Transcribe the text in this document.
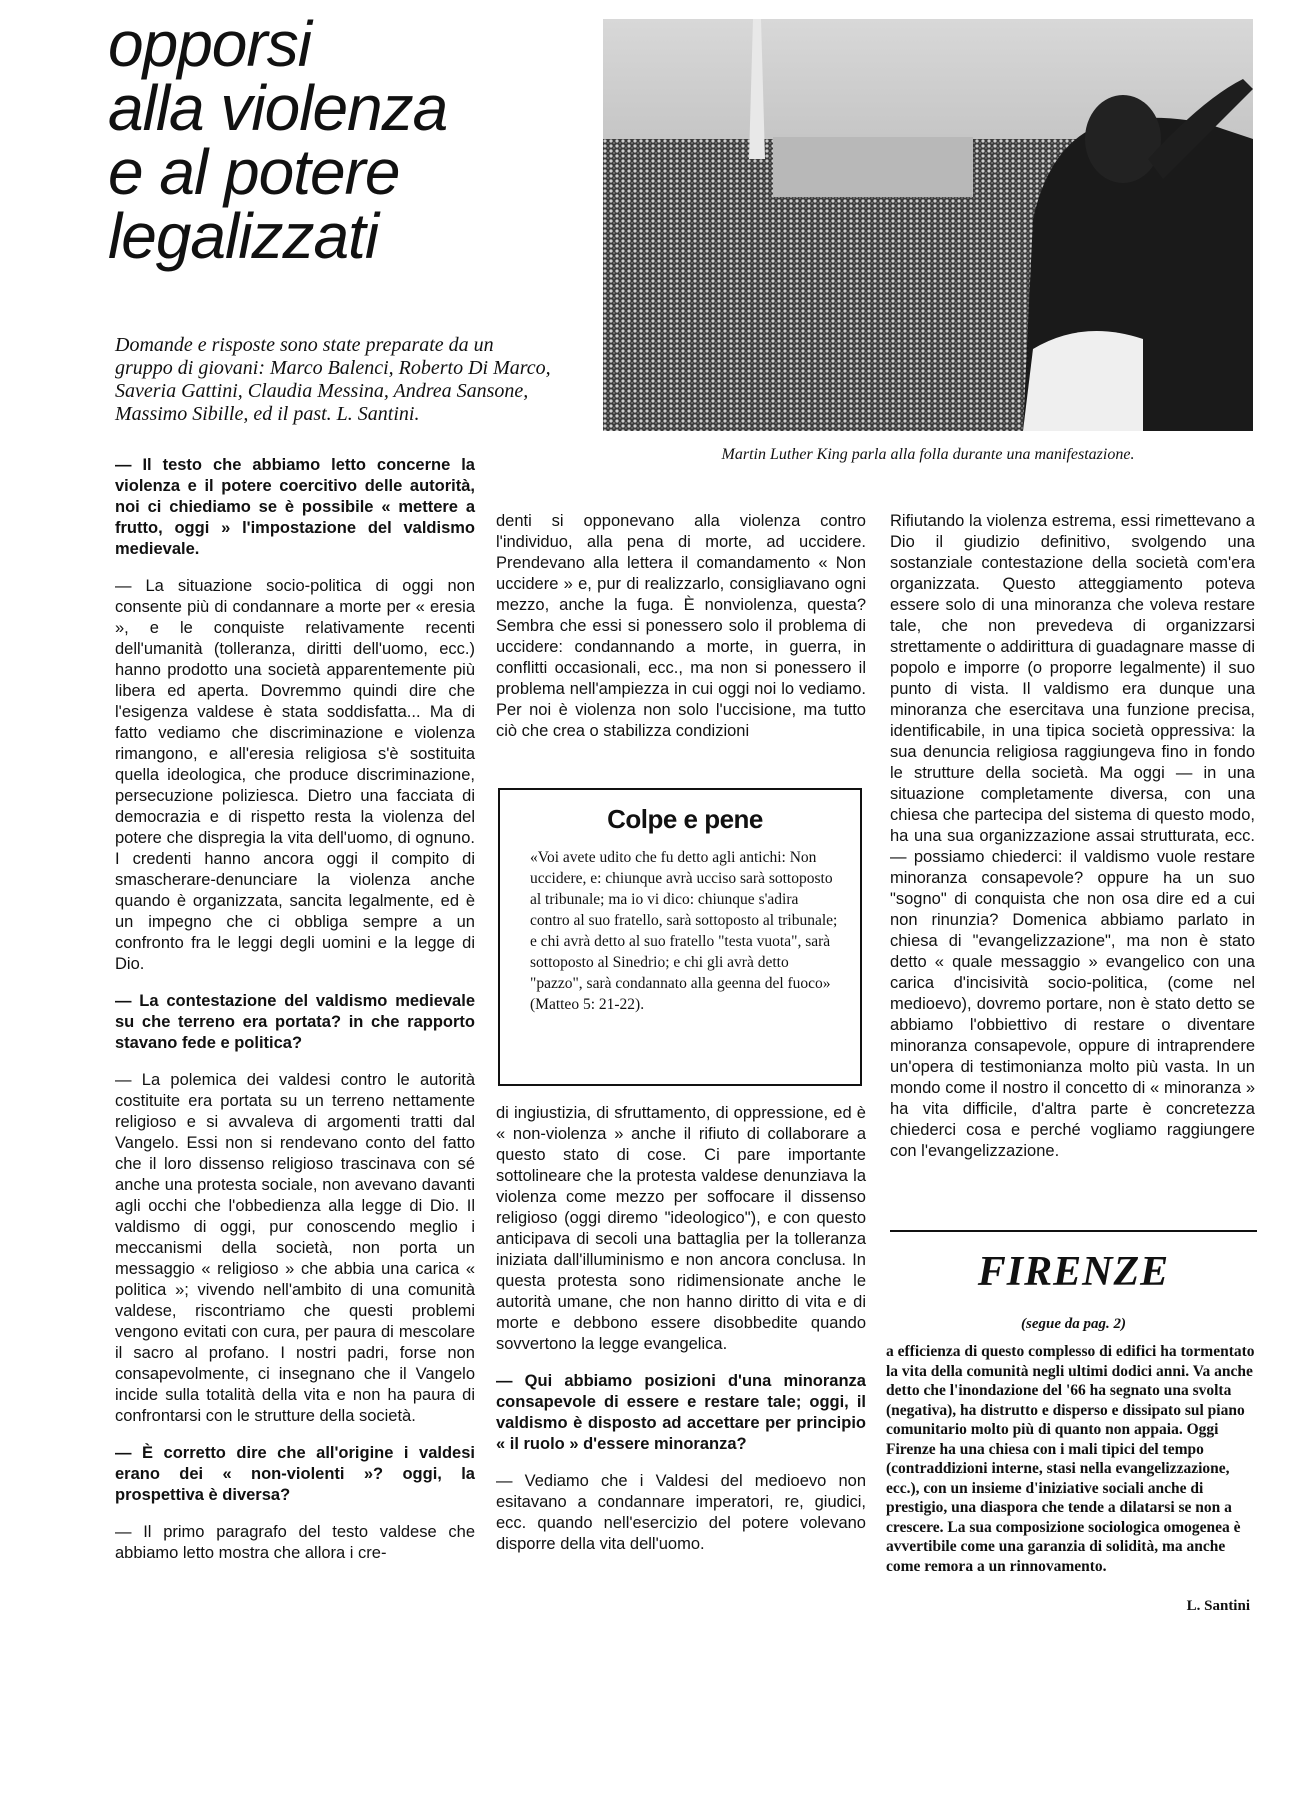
opporsi
alla violenza
e al potere
legalizzati

Domande e risposte sono state preparate da un gruppo di giovani: Marco Balenci, Roberto Di Marco, Saveria Gattini, Claudia Messina, Andrea Sansone, Massimo Sibille, ed il past. L. Santini.

Martin Luther King parla alla folla durante una manifestazione.

— Il testo che abbiamo letto concerne la violenza e il potere coercitivo delle autorità, noi ci chiediamo se è possibile « mettere a frutto, oggi » l'impostazione del valdismo medievale.

— La situazione socio-politica di oggi non consente più di condannare a morte per « eresia », e le conquiste relativamente recenti dell'umanità (tolleranza, diritti dell'uomo, ecc.) hanno prodotto una società apparentemente più libera ed aperta. Dovremmo quindi dire che l'esigenza valdese è stata soddisfatta... Ma di fatto vediamo che discriminazione e violenza rimangono, e all'eresia religiosa s'è sostituita quella ideologica, che produce discriminazione, persecuzione poliziesca. Dietro una facciata di democrazia e di rispetto resta la violenza del potere che dispregia la vita dell'uomo, di ognuno. I credenti hanno ancora oggi il compito di smascherare-denunciare la violenza anche quando è organizzata, sancita legalmente, ed è un impegno che ci obbliga sempre a un confronto fra le leggi degli uomini e la legge di Dio.

— La contestazione del valdismo medievale su che terreno era portata? in che rapporto stavano fede e politica?

— La polemica dei valdesi contro le autorità costituite era portata su un terreno nettamente religioso e si avvaleva di argomenti tratti dal Vangelo. Essi non si rendevano conto del fatto che il loro dissenso religioso trascinava con sé anche una protesta sociale, non avevano davanti agli occhi che l'obbedienza alla legge di Dio. Il valdismo di oggi, pur conoscendo meglio i meccanismi della società, non porta un messaggio « religioso » che abbia una carica « politica »; vivendo nell'ambito di una comunità valdese, riscontriamo che questi problemi vengono evitati con cura, per paura di mescolare il sacro al profano. I nostri padri, forse non consapevolmente, ci insegnano che il Vangelo incide sulla totalità della vita e non ha paura di confrontarsi con le strutture della società.

— È corretto dire che all'origine i valdesi erano dei « non-violenti »? oggi, la prospettiva è diversa?

— Il primo paragrafo del testo valdese che abbiamo letto mostra che allora i cre-

denti si opponevano alla violenza contro l'individuo, alla pena di morte, ad uccidere. Prendevano alla lettera il comandamento « Non uccidere » e, pur di realizzarlo, consigliavano ogni mezzo, anche la fuga. È nonviolenza, questa? Sembra che essi si ponessero solo il problema di uccidere: condannando a morte, in guerra, in conflitti occasionali, ecc., ma non si ponessero il problema nell'ampiezza in cui oggi noi lo vediamo. Per noi è violenza non solo l'uccisione, ma tutto ciò che crea o stabilizza condizioni

Colpe e pene

«Voi avete udito che fu detto agli antichi: Non uccidere, e: chiunque avrà ucciso sarà sottoposto al tribunale; ma io vi dico: chiunque s'adira contro al suo fratello, sarà sottoposto al tribunale; e chi avrà detto al suo fratello "testa vuota", sarà sottoposto al Sinedrio; e chi gli avrà detto "pazzo", sarà condannato alla geenna del fuoco» (Matteo 5: 21-22).

di ingiustizia, di sfruttamento, di oppressione, ed è « non-violenza » anche il rifiuto di collaborare a questo stato di cose. Ci pare importante sottolineare che la protesta valdese denunziava la violenza come mezzo per soffocare il dissenso religioso (oggi diremo "ideologico"), e con questo anticipava di secoli una battaglia per la tolleranza iniziata dall'illuminismo e non ancora conclusa. In questa protesta sono ridimensionate anche le autorità umane, che non hanno diritto di vita e di morte e debbono essere disobbedite quando sovvertono la legge evangelica.

— Qui abbiamo posizioni d'una minoranza consapevole di essere e restare tale; oggi, il valdismo è disposto ad accettare per principio « il ruolo » d'essere minoranza?

— Vediamo che i Valdesi del medioevo non esitavano a condannare imperatori, re, giudici, ecc. quando nell'esercizio del potere volevano disporre della vita dell'uomo.

Rifiutando la violenza estrema, essi rimettevano a Dio il giudizio definitivo, svolgendo una sostanziale contestazione della società com'era organizzata. Questo atteggiamento poteva essere solo di una minoranza che voleva restare tale, che non prevedeva di organizzarsi strettamente o addirittura di guadagnare masse di popolo e imporre (o proporre legalmente) il suo punto di vista. Il valdismo era dunque una minoranza che esercitava una funzione precisa, identificabile, in una tipica società oppressiva: la sua denuncia religiosa raggiungeva fino in fondo le strutture della società. Ma oggi — in una situazione completamente diversa, con una chiesa che partecipa del sistema di questo modo, ha una sua organizzazione assai strutturata, ecc. — possiamo chiederci: il valdismo vuole restare minoranza consapevole? oppure ha un suo "sogno" di conquista che non osa dire ed a cui non rinunzia? Domenica abbiamo parlato in chiesa di "evangelizzazione", ma non è stato detto « quale messaggio » evangelico con una carica d'incisività socio-politica, (come nel medioevo), dovremo portare, non è stato detto se abbiamo l'obbiettivo di restare o diventare minoranza consapevole, oppure di intraprendere un'opera di testimonianza molto più vasta. In un mondo come il nostro il concetto di « minoranza » ha vita difficile, d'altra parte è concretezza chiederci cosa e perché vogliamo raggiungere con l'evangelizzazione.

FIRENZE

(segue da pag. 2)

a efficienza di questo complesso di edifici ha tormentato la vita della comunità negli ultimi dodici anni. Va anche detto che l'inondazione del '66 ha segnato una svolta (negativa), ha distrutto e disperso e dissipato sul piano comunitario molto più di quanto non appaia. Oggi Firenze ha una chiesa con i mali tipici del tempo (contraddizioni interne, stasi nella evangelizzazione, ecc.), con un insieme d'iniziative sociali anche di prestigio, una diaspora che tende a dilatarsi se non a crescere. La sua composizione sociologica omogenea è avvertibile come una garanzia di solidità, ma anche come remora a un rinnovamento.

L. Santini
